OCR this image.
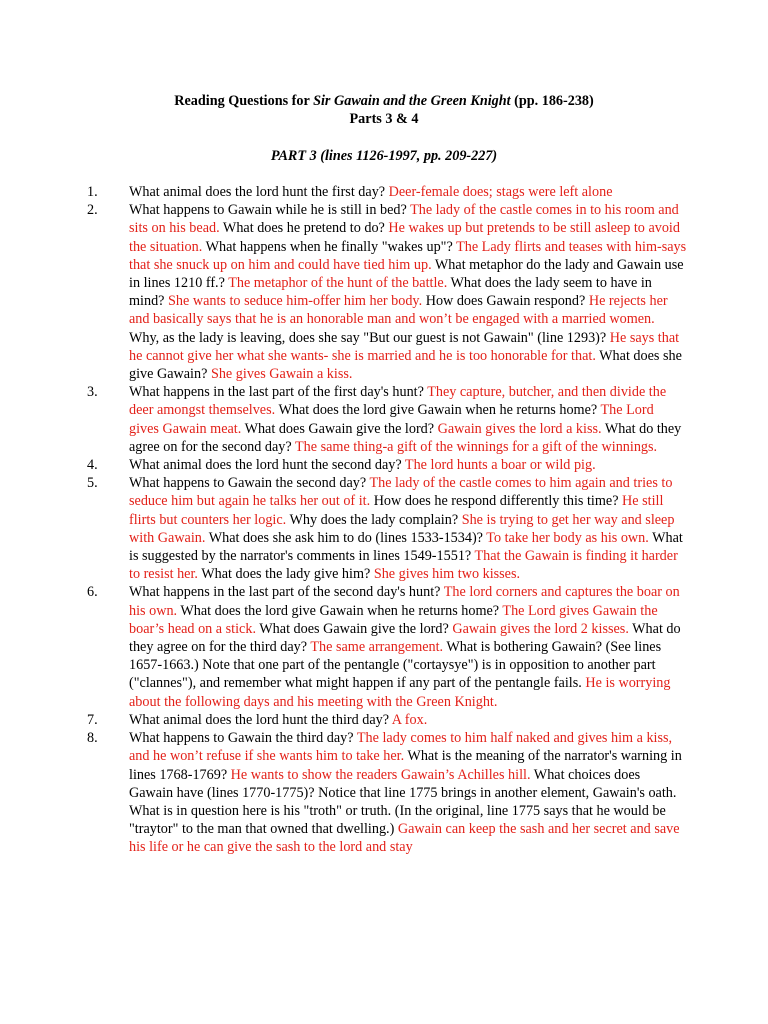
Reading Questions for Sir Gawain and the Green Knight (pp. 186-238)
Parts 3 & 4
PART 3 (lines 1126-1997, pp. 209-227)
1.	What animal does the lord hunt the first day? Deer-female does; stags were left alone
2.	What happens to Gawain while he is still in bed? The lady of the castle comes in to his room and sits on his bead. What does he pretend to do? He wakes up but pretends to be still asleep to avoid the situation. What happens when he finally "wakes up"? The Lady flirts and teases with him-says that she snuck up on him and could have tied him up. What metaphor do the lady and Gawain use in lines 1210 ff.? The metaphor of the hunt of the battle. What does the lady seem to have in mind? She wants to seduce him-offer him her body. How does Gawain respond? He rejects her and basically says that he is an honorable man and won’t be engaged with a married women. Why, as the lady is leaving, does she say "But our guest is not Gawain" (line 1293)? He says that he cannot give her what she wants- she is married and he is too honorable for that. What does she give Gawain? She gives Gawain a kiss.
3.	What happens in the last part of the first day's hunt? They capture, butcher, and then divide the deer amongst themselves. What does the lord give Gawain when he returns home? The Lord gives Gawain meat. What does Gawain give the lord? Gawain gives the lord a kiss. What do they agree on for the second day? The same thing-a gift of the winnings for a gift of the winnings.
4.	What animal does the lord hunt the second day? The lord hunts a boar or wild pig.
5.	What happens to Gawain the second day? The lady of the castle comes to him again and tries to seduce him but again he talks her out of it. How does he respond differently this time? He still flirts but counters her logic. Why does the lady complain? She is trying to get her way and sleep with Gawain. What does she ask him to do (lines 1533-1534)? To take her body as his own. What is suggested by the narrator's comments in lines 1549-1551? That the Gawain is finding it harder to resist her. What does the lady give him? She gives him two kisses.
6.	What happens in the last part of the second day's hunt? The lord corners and captures the boar on his own. What does the lord give Gawain when he returns home? The Lord gives Gawain the boar’s head on a stick. What does Gawain give the lord? Gawain gives the lord 2 kisses. What do they agree on for the third day? The same arrangement. What is bothering Gawain? (See lines 1657-1663.) Note that one part of the pentangle ("cortaysye") is in opposition to another part ("clannes"), and remember what might happen if any part of the pentangle fails. He is worrying about the following days and his meeting with the Green Knight.
7.	What animal does the lord hunt the third day? A fox.
8.	What happens to Gawain the third day? The lady comes to him half naked and gives him a kiss, and he won’t refuse if she wants him to take her. What is the meaning of the narrator's warning in lines 1768-1769? He wants to show the readers Gawain’s Achilles hill. What choices does Gawain have (lines 1770-1775)? Notice that line 1775 brings in another element, Gawain's oath. What is in question here is his "troth" or truth. (In the original, line 1775 says that he would be "traytor" to the man that owned that dwelling.) Gawain can keep the sash and her secret and save his life or he can give the sash to the lord and stay
